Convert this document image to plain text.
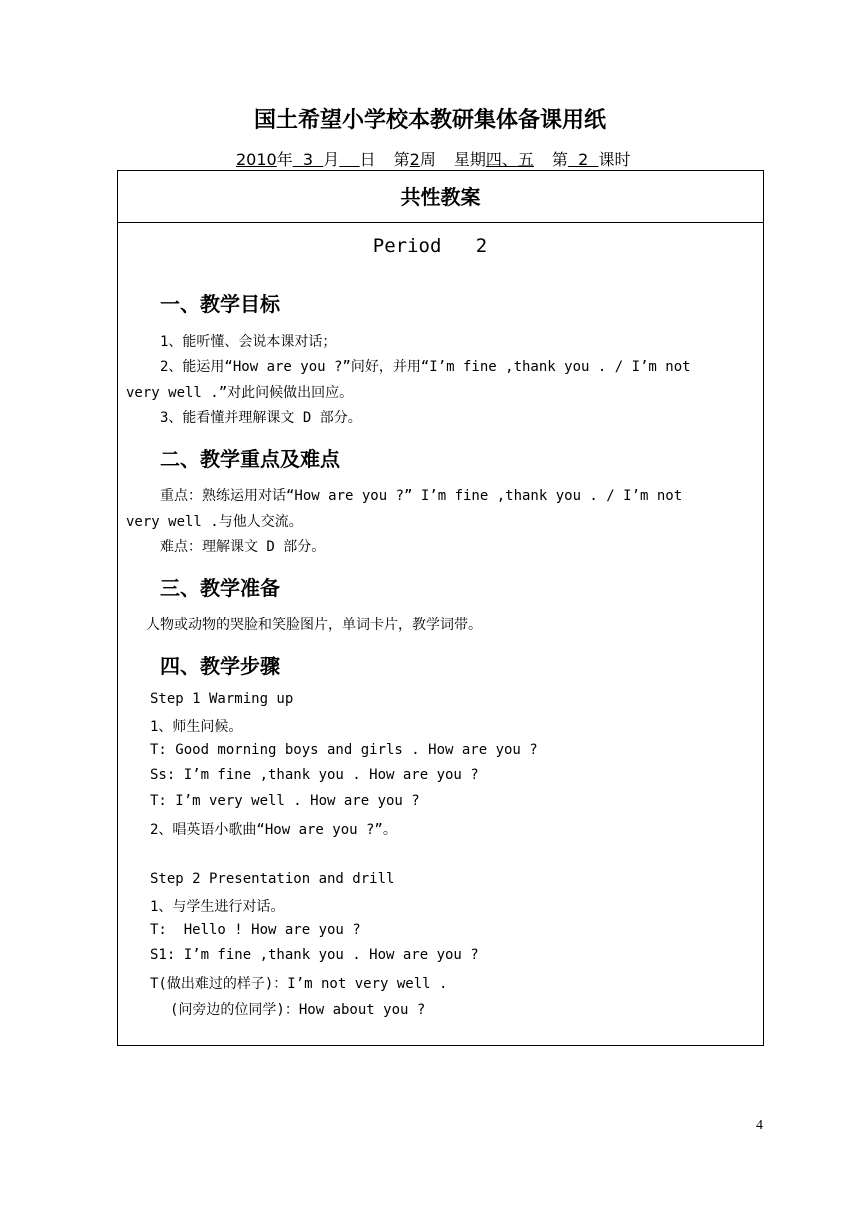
国土希望小学校本教研集体备课用纸
2010年  3  月 日 第2周 星期四、五 第  2  课时
共性教案
Period   2
一、教学目标
1、能听懂、会说本课对话；
2、能运用“How are you ?”问好，并用“I’m fine ,thank you . / I’m not
very well .”对此问候做出回应。
3、能看懂并理解课文 D 部分。
二、教学重点及难点
重点：熟练运用对话“How are you ?” I’m fine ,thank you . / I’m not
very well .与他人交流。
难点：理解课文 D 部分。
三、教学准备
人物或动物的哭脸和笑脸图片，单词卡片，教学词带。
四、教学步骤
Step 1 Warming up
1、师生问候。
T: Good morning boys and girls . How are you ?
Ss: I’m fine ,thank you . How are you ?
T: I’m very well . How are you ?
2、唱英语小歌曲“How are you ?”。
Step 2 Presentation and drill
1、与学生进行对话。
T:  Hello ! How are you ?
S1: I’m fine ,thank you . How are you ?
T(做出难过的样子)：I’m not very well .
(问旁边的位同学)：How about you ?
4
